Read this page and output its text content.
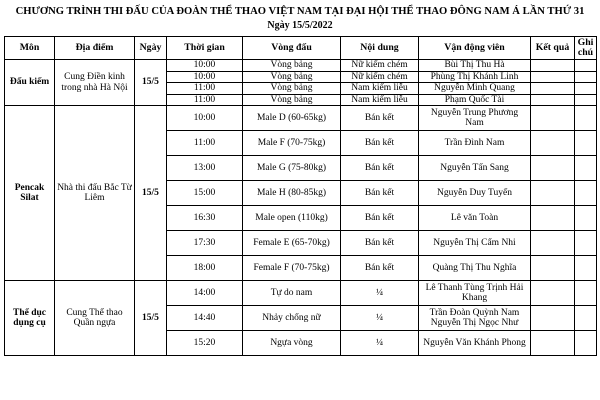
CHƯƠNG TRÌNH THI ĐẤU CỦA ĐOÀN THỂ THAO VIỆT NAM TẠI ĐẠI HỘI THỂ THAO ĐÔNG NAM Á LẦN THỨ 31
Ngày 15/5/2022
Môn	Địa điểm	Ngày	Thời gian	Vòng đấu	Nội dung	Vận động viên	Kết quả	Ghi chú
Đấu kiếm	Cung Điền kinh trong nhà Hà Nội	15/5	10:00	Vòng bảng	Nữ kiếm chém	Bùi Thị Thu Hà		
			10:00	Vòng bảng	Nữ kiếm chém	Phùng Thị Khánh Linh		
			11:00	Vòng bảng	Nam kiếm liễu	Nguyễn Minh Quang		
			11:00	Vòng bảng	Nam kiếm liễu	Phạm Quốc Tài		
Pencak Silat	Nhà thi đấu Bắc Từ Liêm	15/5	10:00	Male D (60-65kg)	Bán kết	Nguyễn Trung Phương Nam		
			11:00	Male F (70-75kg)	Bán kết	Trần Đình Nam		
			13:00	Male G (75-80kg)	Bán kết	Nguyễn Tấn Sang		
			15:00	Male H (80-85kg)	Bán kết	Nguyễn Duy Tuyến		
			16:30	Male open (110kg)	Bán kết	Lê văn Toàn		
			17:30	Female E (65-70kg)	Bán kết	Nguyễn Thị Cẩm Nhi		
			18:00	Female F (70-75kg)	Bán kết	Quàng Thị Thu Nghĩa		
Thể dục dụng cụ	Cung Thể thao Quần ngựa	15/5	14:00	Tự do nam	¼	Lê Thanh Tùng Trịnh Hải Khang		
			14:40	Nhảy chống nữ	¼	Trần Đoàn Quỳnh Nam Nguyễn Thị Ngọc Như		
			15:20	Ngựa vòng	¼	Nguyễn Văn Khánh Phong		
